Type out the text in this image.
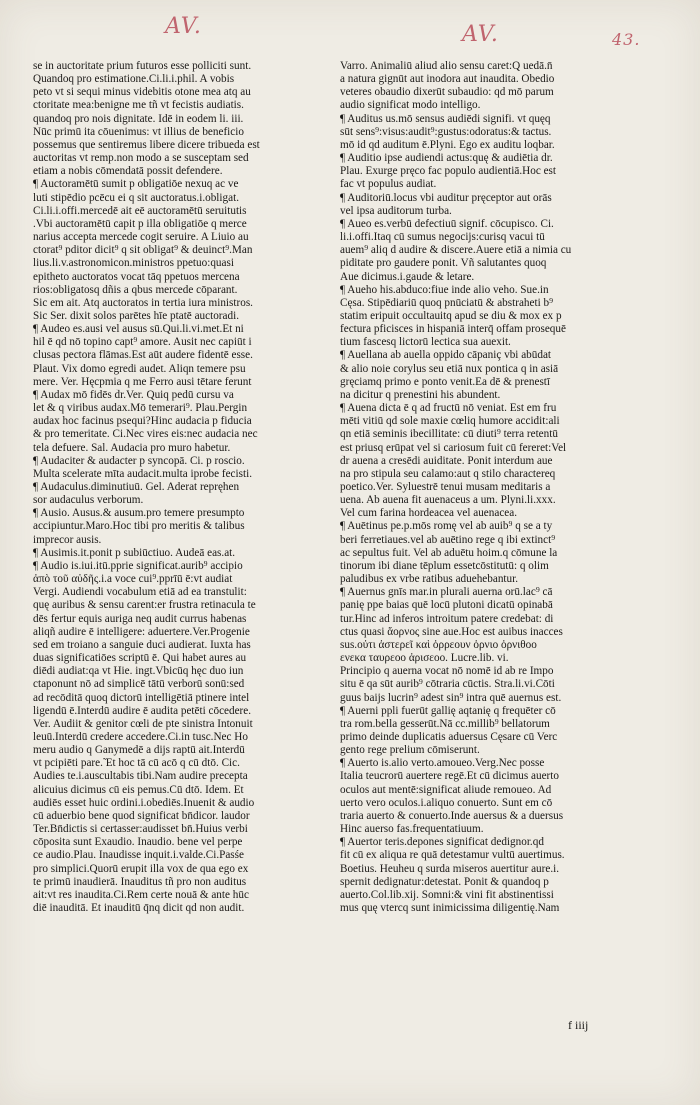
AV.	AV.	43.
se in auctoritate prium futuros esse polliciti sunt.
Quandoq pro estimatione.Ci.li.i.phil. A vobis
peto vt si sequi minus videbitis otone mea atq au
ctoritate mea:benigne me tñ vt fecistis audiatis.
quandoq pro nois dignitate. Idē in eodem li. iii.
Nūc primū ita cōuenimus: vt illius de beneficio
possemus que sentiremus libere dicere tribueda est
auctoritas vt remp.non modo a se susceptam sed
etiam a nobis cōmendatā possit defendere.
¶ Auctoramētū sumit p obligatiōe nexuq ac ve
luti stipēdio pcēcu ei q sit auctoratus.i.obligat.
Ci.li.i.offi.mercedē ait eē auctoramētū seruitutis
.Vbi auctoramētū capit p illa obligatiōe q merce
narius accepta mercede cogit seruire. A Liuio au
ctorat⁹ pditor dicit⁹ q sit obligat⁹ & deuinct⁹.Man
lius.li.v.astronomicon.ministros ppetuo:quasi
epitheto auctoratos vocat tāq ppetuos mercena
rios:obligatosq dñis a qbus mercede cōparant.
Sic em ait. Atq auctoratos in tertia iura ministros.
Sic Ser. dixit solos parētes hīe ptatē auctoradi.
¶ Audeo es.ausi vel ausus sū.Qui.li.vi.met.Et ni
hil ē qd nō topino capt⁹ amore. Ausit nec capiūt i
clusas pectora flāmas.Est aūt audere fidentē esse.
Plaut. Vix domo egredi audet. Aliqn temere psu
mere. Ver. Hęcpmia q me Ferro ausi tētare ferunt
¶ Audax mō fidēs d̄r.Ver. Quiq pedū cursu va
let & q viribus audax.Mō temerari⁹. Plau.Pergin
audax hoc facinus psequi?Hinc audacia p fiducia
& pro temeritate. Ci.Nec vires eis:nec audacia nec
tela defuere. Sal. Audacia pro muro habetur.
¶ Audaciter & audacter p syncopā. Ci. p roscio.
Multa scelerate mīta audacit.multa iprobe fecisti.
¶ Audaculus.diminutiuū. Gel. Aderat repręhen
sor audaculus verborum.
¶ Ausio. Ausus.& ausum.pro temere presumpto
accipiuntur.Maro.Hoc tibi pro meritis & talibus
imprecor ausis.
¶ Ausimis.it.ponit p subiūctiuo. Audeā eas.at.
¶ Audio is.iui.itū.pprie significat.aurib⁹ accipio
ἀπὸ τοῦ αὐδῆς.i.a voce cui⁹.pprīū ē:vt audiat
Vergi. Audiendi vocabulum etiā ad ea transtulit:
quę auribus & sensu carent:er frustra retinacula te
dēs fertur equis auriga neq audit currus habenas
aliqñ audire ē intelligere: aduertere.Ver.Progenie
sed em troiano a sanguie duci audierat. Iuxta has
duas significatiōes scriptū ē. Qui habet aures au
diēdi audiat:qa vt Hie. ingt.Vbicūq hęc duo iun
ctaponunt nō ad simplicē tātū verborū sonū:sed
ad recōditā quoq dictorū intelligētiā ptinere intel
ligendū ē.Interdū audire ē audita petēti cōcedere.
Ver. Audiit & genitor cœli de pte sinistra Intonuit
leuū.Interdū credere accedere.Ci.in tusc.Nec Ho
meru audio q Ganymedē a dijs raptū ait.Interdū
vt pcipiēti pare.̃ Et hoc tā cū acō q cū dtō. Cic.
Audies te.i.auscultabis tibi.Nam audire precepta
alicuius dicimus cū eis pemus.Cū dtō. Idem. Et
audiēs esset huic ordini.i.obediēs.Inuenit & audio
cū aduerbio bene quod significat bn̄dicor. laudor
Ter.Bn̄dictis si certasser:audisset bn̄.Huius verbi
cōposita sunt Exaudio. Inaudio. bene vel perpe
ce audio.Plau. Inaudisse inquit.i.valde.Ci.Pasśe
pro simplici.Quorū erupit illa vox de qua ego ex
te primū inaudierā. Inauditus tñ pro non auditus
ait:vt res inaudita.Ci.Rem certe nouā & ante hūc
diē inauditā. Et inauditū q̄nq dicit qd non audit.
Varro. Animaliū aliud alio sensu caret:Q uedā.n̄
a natura gignūt aut inodora aut inaudita. Obedio
veteres obaudio dixerūt subaudio: qd mō parum
audio significat modo intelligo.
¶ Auditus us.mō sensus audiēdi signifi. vt quęq
sūt sens⁹:visus:audit⁹:gustus:odoratus:& tactus.
mō id qd auditum ē.Plyni. Ego ex auditu loqbar.
¶ Auditio ipse audiendi actus:quę & audiētia d̄r.
Plau. Exurge pręco fac populo audientiā.Hoc est
fac vt populus audiat.
¶ Auditoriū.locus vbi auditur pręceptor aut orās
vel ipsa auditorum turba.
¶ Aueo es.verbū defectiuū signif. cōcupisco. Ci.
li.i.offi.Itaq cū sumus negocijs:curisq vacui tū
auem⁹ aliq d audire & discere.Auere etiā a nimia cu
piditate pro gaudere ponit. Vñ salutantes quoq
Aue dicimus.i.gaude & letare.
¶ Aueho his.abduco:fiue inde alio veho. Sue.in
Cęsa. Stipēdiariū quoq pnūciatū & abstraheti b⁹
statim eripuit occultauitq apud se diu & mox ex p
fectura pficisces in hispaniā interq̄ offam prosequē
tium fascesq lictorū lectica sua auexit.
¶ Auellana ab auella oppido cāpaniç vbi abūdat
& alio noie corylus seu etiā nux pontica q in asiā
gręciamq primo e ponto venit.Ea dē & prenestī
na dicitur q prenestini his abundent.
¶ Auena dicta ē q ad fructū nō veniat. Est em fru
mēti vitiū qd sole maxie cœliq humore accidit:ali
qn etiā seminis ibecillitate: cū diuti⁹ terra retentū
est priusq erūpat vel si cariosum fuit cū fereret:Vel
d̄r auena a cresēdi auiditate. Ponit interdum aue
na pro stipula seu calamo:aut q stilo charactereq
poetico.Ver. Syluestrē tenui musam meditaris a
uena. Ab auena fit auenaceus a um. Plyni.li.xxx.
Vel cum farina hordeacea vel auenacea.
¶ Auētinus pe.p.mōs romę vel ab auib⁹ q se a ty
beri ferretiaues.vel ab auētino rege q ibi extinct⁹
ac sepultus fuit. Vel ab aduētu hoim.q cōmune la
tinorum ibi diane tēplum essetcōstitutū: q olim
paludibus ex vrbe ratibus aduehebantur.
¶ Auernus gnīs mar.in plurali auerna orū.lac⁹ cā
panię ppe baias quē locū plutoni dicatū opinabā
tur.Hinc ad inferos introitum patere credebat: di
ctus quasi ἄορνος sine aue.Hoc est auibus inacces
sus.οὐτι ἀστερεῖ καὶ ὀρρεουν ὀρνιο ὀρνιθοο
ενεκα ταυρεοο ἀρισεοο. Lucre.lib. vi.
Principio q auerna vocat nō nomē id ab re Impo
situ ē qa sūt aurib⁹ cōtraria cūctis. Stra.li.vi.Cōti
guus baijs lucrin⁹ adest sin⁹ intra quē auernus est.
¶ Auerni ppli fuerūt gallię aqtanię q frequēter cō
tra rom.bella gesserūt.Nā cc.millib⁹ bellatorum
primo deinde duplicatis aduersus Cęsare cū Verc
gento rege prelium cōmiserunt.
¶ Auerto is.alio verto.amoueo.Verg.Nec posse
Italia teucrorū auertere regē.Et cū dicimus auerto
oculos aut mentē:significat aliude remoueo. Ad
uerto vero oculos.i.aliquo conuerto. Sunt em cō
traria auerto & conuerto.Inde auersus & a duersus
Hinc auerso fas.frequentatiuum.
¶ Auertor teris.depones significat dedignor.qd
fit cū ex aliqua re quā detestamur vultū auertimus.
Boetius. Heuheu q surda miseros auertitur aure.i.
spernit dedignatur:detestat. Ponit & quandoq p
auerto.Col.lib.xij. Somni:& vini fit abstinentissi
mus quę vtercq sunt inimicissima diligentię.Nam
f iiij
